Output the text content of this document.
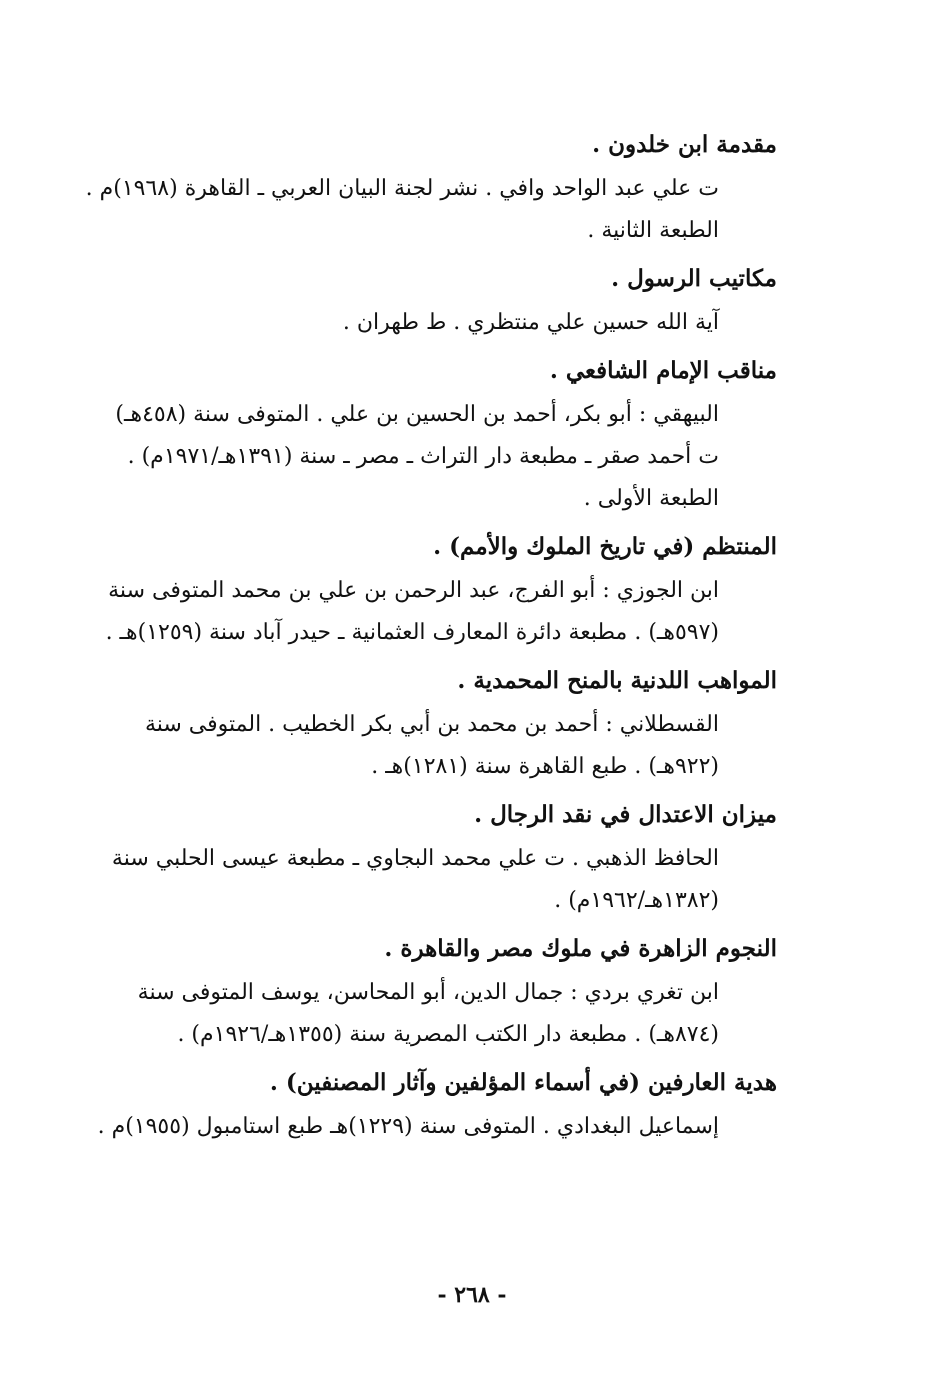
مقدمة ابن خلدون .

ت علي عبد الواحد وافي . نشر لجنة البيان العربي ـ القاهرة (١٩٦٨)م .
الطبعة الثانية .

مكاتيب الرسول .

آية الله حسين علي منتظري . ط طهران .

مناقب الإمام الشافعي .

البيهقي : أبو بكر، أحمد بن الحسين بن علي . المتوفى سنة (٤٥٨هـ)
ت أحمد صقر ـ مطبعة دار التراث ـ مصر ـ سنة (١٣٩١هـ/١٩٧١م) .
الطبعة الأولى .

المنتظم (في تاريخ الملوك والأمم) .

ابن الجوزي : أبو الفرج، عبد الرحمن بن علي بن محمد المتوفى سنة
(٥٩٧هـ) . مطبعة دائرة المعارف العثمانية ـ حيدر آباد سنة (١٢٥٩)هـ .

المواهب اللدنية بالمنح المحمدية .

القسطلاني : أحمد بن محمد بن أبي بكر الخطيب . المتوفى سنة
(٩٢٢هـ) . طبع القاهرة سنة (١٢٨١)هـ .

ميزان الاعتدال في نقد الرجال .

الحافظ الذهبي . ت علي محمد البجاوي ـ مطبعة عيسى الحلبي سنة
(١٣٨٢هـ/١٩٦٢م) .

النجوم الزاهرة في ملوك مصر والقاهرة .

ابن تغري بردي : جمال الدين، أبو المحاسن، يوسف المتوفى سنة
(٨٧٤هـ) . مطبعة دار الكتب المصرية سنة (١٣٥٥هـ/١٩٢٦م) .

هدية العارفين (في أسماء المؤلفين وآثار المصنفين) .

إسماعيل البغدادي . المتوفى سنة (١٢٢٩)هـ طبع استامبول (١٩٥٥)م .

- ٢٦٨ -
